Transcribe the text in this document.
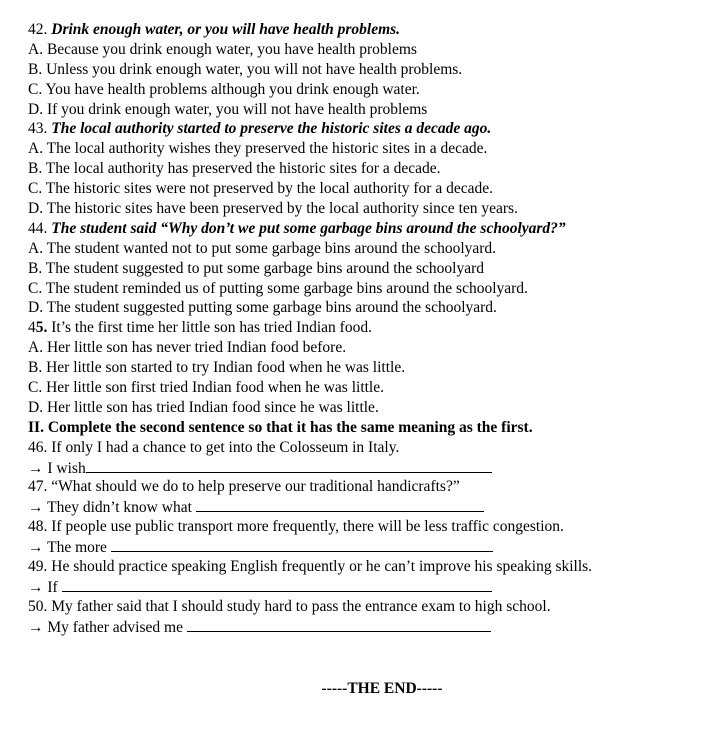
42. Drink enough water, or you will have health problems.
A. Because you drink enough water, you have health problems
B. Unless you drink enough water, you will not have health problems.
C. You have health problems although you drink enough water.
D. If you drink enough water, you will not have health problems
43. The local authority started to preserve the historic sites a decade ago.
A. The local authority wishes they preserved the historic sites in a decade.
B. The local authority has preserved the historic sites for a decade.
C. The historic sites were not preserved by the local authority for a decade.
D. The historic sites have been preserved by the local authority since ten years.
44. The student said “Why don’t we put some garbage bins around the schoolyard?”
A. The student wanted not to put some garbage bins around the schoolyard.
B. The student suggested to put some garbage bins around the schoolyard
C. The student reminded us of putting some garbage bins around the schoolyard.
D. The student suggested putting some garbage bins around the schoolyard.
45. It’s the first time her little son has tried Indian food.
A. Her little son has never tried Indian food before.
B. Her little son started to try Indian food when he was little.
C. Her little son first tried Indian food when he was little.
D. Her little son has tried Indian food since he was little.
II. Complete the second sentence so that it has the same meaning as the first.
46. If only I had a chance to get into the Colosseum in Italy.
→ I wish
47. “What should we do to help preserve our traditional handicrafts?”
→ They didn’t know what
48. If people use public transport more frequently, there will be less traffic congestion.
→ The more
49. He should practice speaking English frequently or he can’t improve his speaking skills.
→ If
50. My father said that I should study hard to pass the entrance exam to high school.
→ My father advised me
-----THE END-----
